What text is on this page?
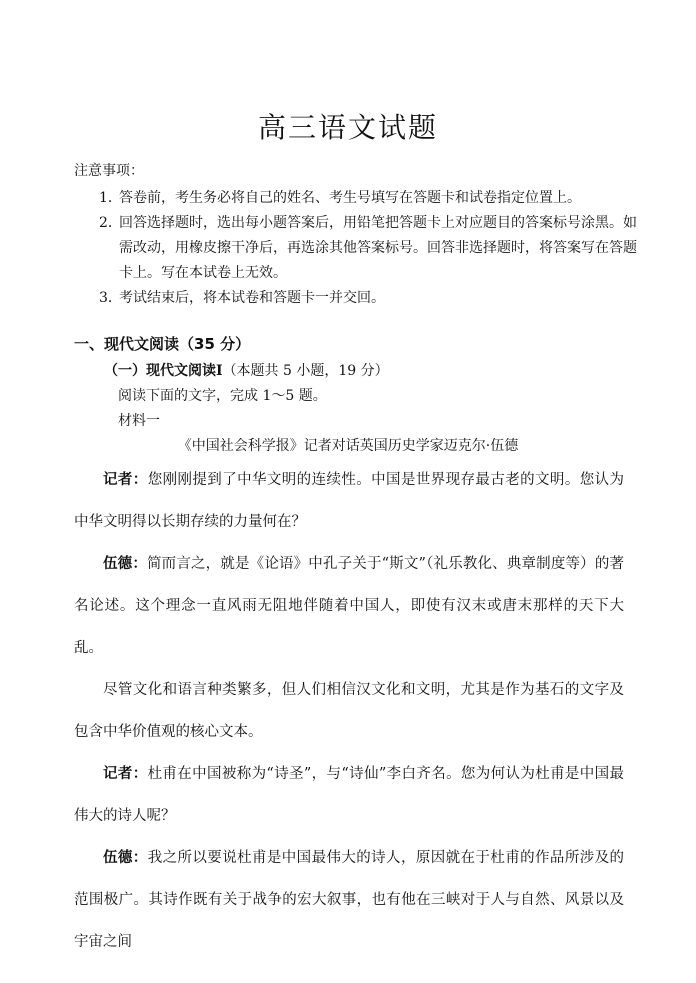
高三语文试题
注意事项：
1．
答卷前，考生务必将自己的姓名、考生号填写在答题卡和试卷指定位置上。
2．
回答选择题时，选出每小题答案后，用铅笔把答题卡上对应题目的答案标号涂黑。如需改动，用橡皮擦干净后，再选涂其他答案标号。回答非选择题时，将答案写在答题卡上。写在本试卷上无效。
3．
考试结束后，将本试卷和答题卡一并交回。
一、现代文阅读（35 分）
（一）现代文阅读Ⅰ（本题共 5 小题，19 分）
阅读下面的文字，完成 1～5 题。
材料一
《中国社会科学报》记者对话英国历史学家迈克尔·伍德

记者：您刚刚提到了中华文明的连续性。中国是世界现存最古老的文明。您认为中华文明得以长期存续的力量何在？

伍德：简而言之，就是《论语》中孔子关于“斯文”（礼乐教化、典章制度等）的著名论述。这个理念一直风雨无阻地伴随着中国人，即使有汉末或唐末那样的天下大乱。

尽管文化和语言种类繁多，但人们相信汉文化和文明，尤其是作为基石的文字及包含中华价值观的核心文本。

记者：杜甫在中国被称为“诗圣”，与“诗仙”李白齐名。您为何认为杜甫是中国最伟大的诗人呢？

伍德：我之所以要说杜甫是中国最伟大的诗人，原因就在于杜甫的作品所涉及的范围极广。其诗作既有关于战争的宏大叙事，也有他在三峡对于人与自然、风景以及宇宙之间
